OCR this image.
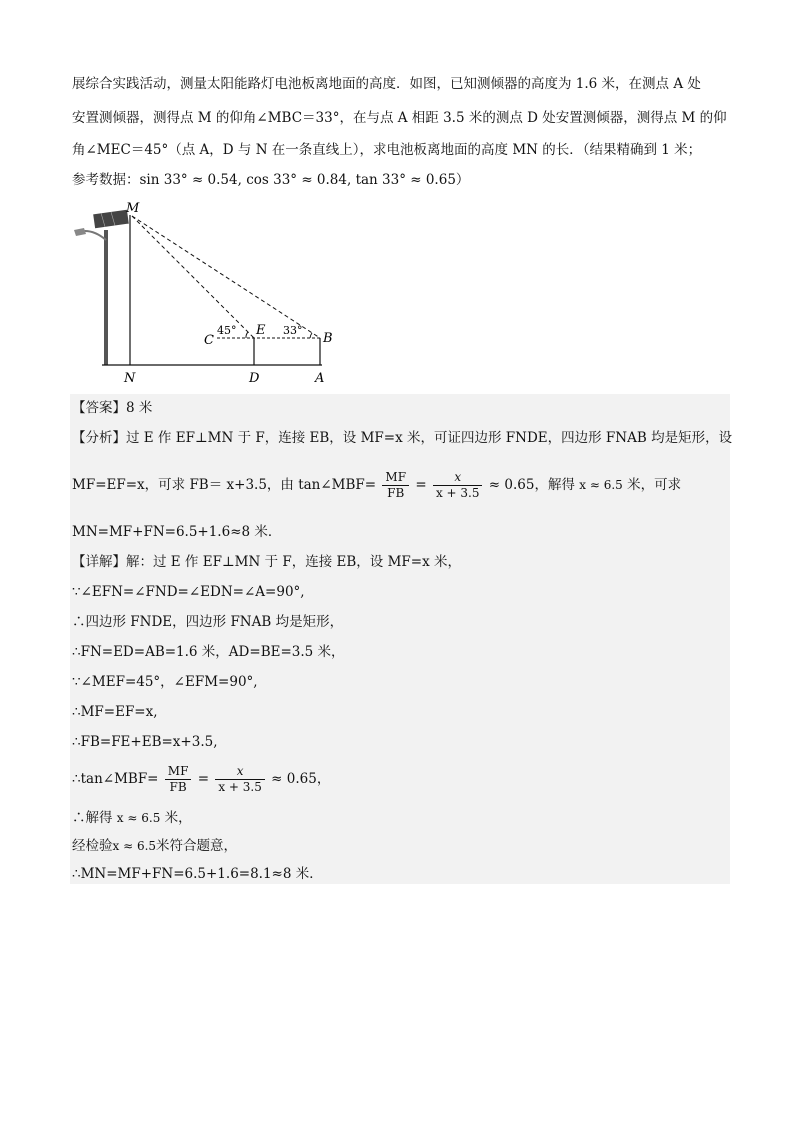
展综合实践活动，测量太阳能路灯电池板离地面的高度．如图，已知测倾器的高度为 1.6 米，在测点 A 处
安置测倾器，测得点 M 的仰角∠MBC＝33°，在与点 A 相距 3.5 米的测点 D 处安置测倾器，测得点 M 的仰
角∠MEC＝45°（点 A，D 与 N 在一条直线上），求电池板离地面的高度 MN 的长．（结果精确到 1 米；
参考数据：sin 33° ≈ 0.54, cos 33° ≈ 0.84, tan 33° ≈ 0.65）
M
C
E
B
N	D	A
45°	33°
【答案】8 米
【分析】过 E 作 EF⊥MN 于 F，连接 EB，设 MF=x 米，可证四边形 FNDE，四边形 FNAB 均是矩形，设
MF=EF=x，可求 FB＝ x+3.5，由 tan∠MBF= $\frac{MF}{FB} = \frac{x}{x + 3.5} \approx 0.65$，解得 x ≈ 6.5 米，可求
MN=MF+FN=6.5+1.6≈8 米．
【详解】解：过 E 作 EF⊥MN 于 F，连接 EB，设 MF=x 米，
∵∠EFN=∠FND=∠EDN=∠A=90°,
∴四边形 FNDE，四边形 FNAB 均是矩形，
∴FN=ED=AB=1.6 米，AD=BE=3.5 米，
∵∠MEF=45°，∠EFM=90°,
∴MF=EF=x,
∴FB=FE+EB=x+3.5,
∴tan∠MBF= $\frac{MF}{FB} = \frac{x}{x + 3.5} \approx 0.65$，
∴解得 x ≈ 6.5 米，
经检验x ≈ 6.5米符合题意，
∴MN=MF+FN=6.5+1.6=8.1≈8 米．
